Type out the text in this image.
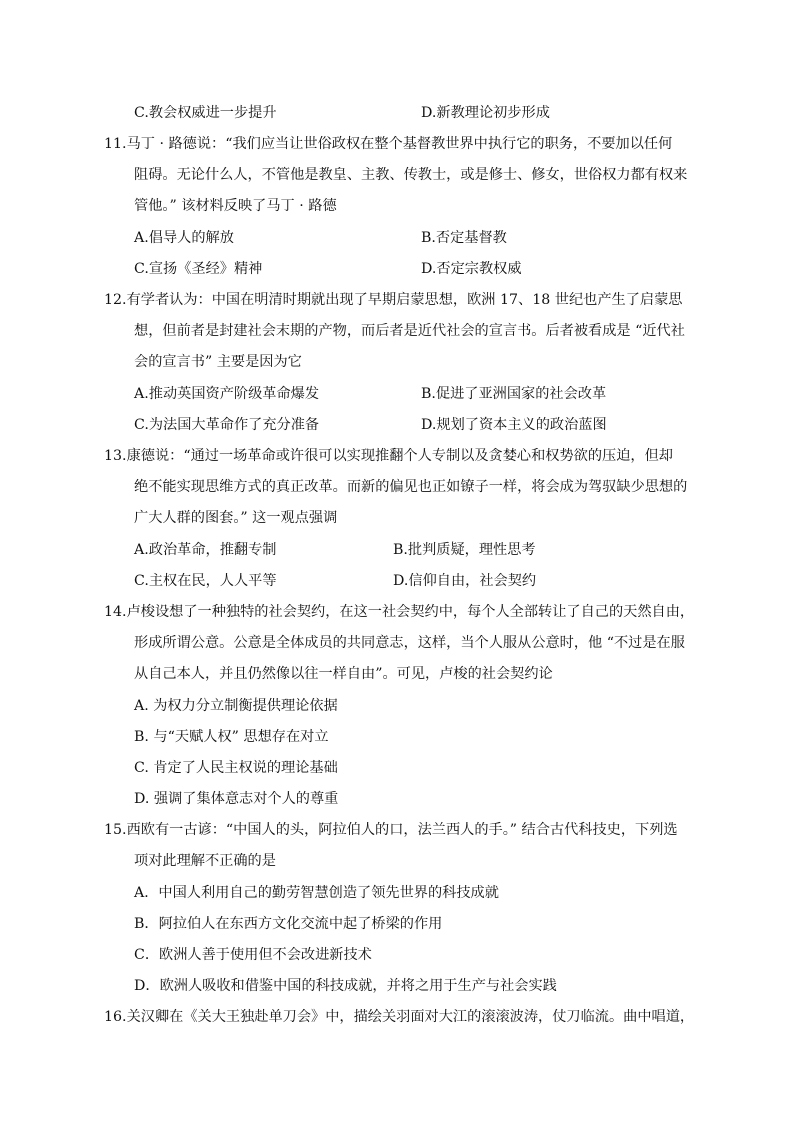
C.教会权威进一步提升	D.新教理论初步形成
11.马丁 · 路德说：“我们应当让世俗政权在整个基督教世界中执行它的职务，不要加以任何
阻碍。无论什么人，不管他是教皇、主教、传教士，或是修士、修女，世俗权力都有权来
管他。” 该材料反映了马丁 · 路德
A.倡导人的解放	B.否定基督教
C.宣扬《圣经》精神	D.否定宗教权威
12.有学者认为：中国在明清时期就出现了早期启蒙思想，欧洲 17、18 世纪也产生了启蒙思
想，但前者是封建社会末期的产物，而后者是近代社会的宣言书。后者被看成是 “近代社
会的宣言书” 主要是因为它
A.推动英国资产阶级革命爆发	B.促进了亚洲国家的社会改革
C.为法国大革命作了充分准备	D.规划了资本主义的政治蓝图
13.康德说：“通过一场革命或许很可以实现推翻个人专制以及贪婪心和权势欲的压迫，但却
绝不能实现思维方式的真正改革。而新的偏见也正如镣子一样，将会成为驾驭缺少思想的
广大人群的图套。” 这一观点强调
A.政治革命，推翻专制	B.批判质疑，理性思考
C.主权在民，人人平等	D.信仰自由，社会契约
14.卢梭设想了一种独特的社会契约，在这一社会契约中，每个人全部转让了自己的天然自由，
形成所谓公意。公意是全体成员的共同意志，这样，当个人服从公意时，他 “不过是在服
从自己本人，并且仍然像以往一样自由”。可见，卢梭的社会契约论
A. 为权力分立制衡提供理论依据
B. 与“天赋人权” 思想存在对立
C. 肯定了人民主权说的理论基础
D. 强调了集体意志对个人的尊重
15.西欧有一古谚：“中国人的头，阿拉伯人的口，法兰西人的手。” 结合古代科技史，下列选
项对此理解不正确的是
A．中国人利用自己的勤劳智慧创造了领先世界的科技成就
B．阿拉伯人在东西方文化交流中起了桥梁的作用
C．欧洲人善于使用但不会改进新技术
D．欧洲人吸收和借鉴中国的科技成就，并将之用于生产与社会实践
16.关汉卿在《关大王独赴单刀会》中，描绘关羽面对大江的滚滚波涛，仗刀临流。曲中唱道，
